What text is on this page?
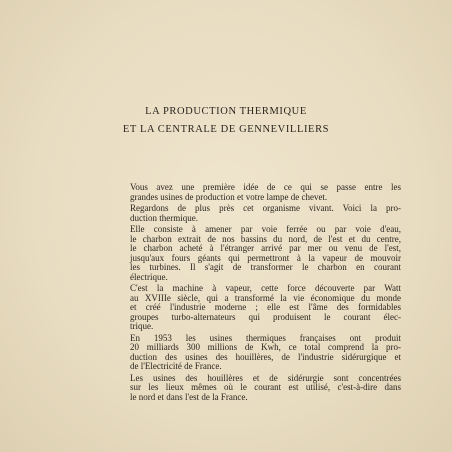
LA PRODUCTION THERMIQUE
ET LA CENTRALE DE GENNEVILLIERS
Vous avez une première idée de ce qui se passe entre les
grandes usines de production et votre lampe de chevet.
Regardons de plus près cet organisme vivant. Voici la pro-
duction thermique.
Elle consiste à amener par voie ferrée ou par voie d'eau,
le charbon extrait de nos bassins du nord, de l'est et du centre,
le charbon acheté à l'étranger arrivé par mer ou venu de l'est,
jusqu'aux fours géants qui permettront à la vapeur de mouvoir
les turbines. Il s'agit de transformer le charbon en courant
électrique.
C'est la machine à vapeur, cette force découverte par Watt
au XVIIIe siècle, qui a transformé la vie économique du monde
et créé l'industrie moderne ; elle est l'âme des formidables
groupes turbo-alternateurs qui produisent le courant élec-
trique.
En 1953 les usines thermiques françaises ont produit
20 milliards 300 millions de Kwh, ce total comprend la pro-
duction des usines des houillères, de l'industrie sidérurgique et
de l'Electricité de France.
Les usines des houillères et de sidérurgie sont concentrées
sur les lieux mêmes où le courant est utilisé, c'est-à-dire dans
le nord et dans l'est de la France.
